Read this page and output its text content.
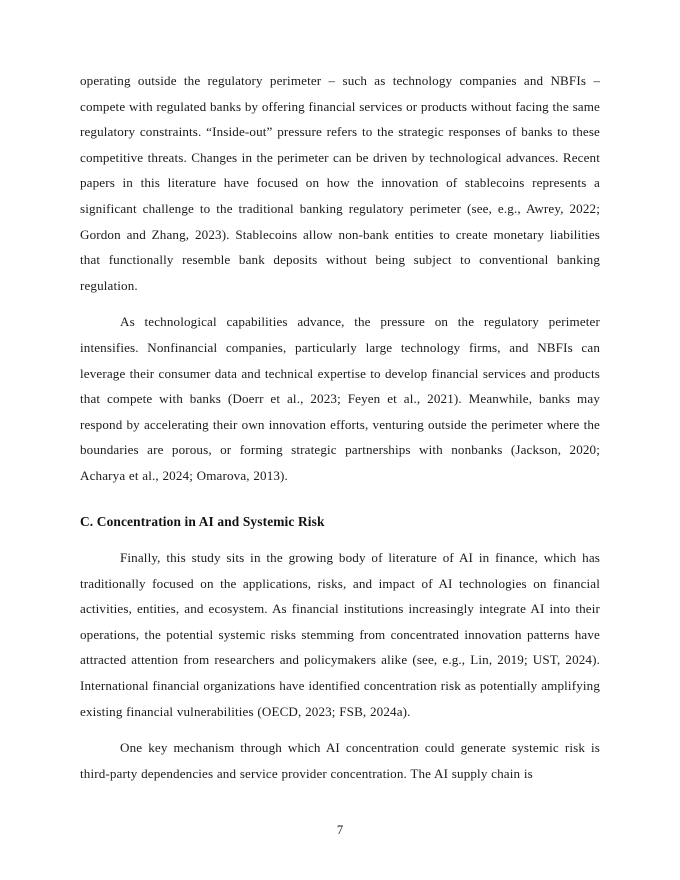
operating outside the regulatory perimeter – such as technology companies and NBFIs – compete with regulated banks by offering financial services or products without facing the same regulatory constraints. “Inside-out” pressure refers to the strategic responses of banks to these competitive threats. Changes in the perimeter can be driven by technological advances. Recent papers in this literature have focused on how the innovation of stablecoins represents a significant challenge to the traditional banking regulatory perimeter (see, e.g., Awrey, 2022; Gordon and Zhang, 2023). Stablecoins allow non-bank entities to create monetary liabilities that functionally resemble bank deposits without being subject to conventional banking regulation.

As technological capabilities advance, the pressure on the regulatory perimeter intensifies. Nonfinancial companies, particularly large technology firms, and NBFIs can leverage their consumer data and technical expertise to develop financial services and products that compete with banks (Doerr et al., 2023; Feyen et al., 2021). Meanwhile, banks may respond by accelerating their own innovation efforts, venturing outside the perimeter where the boundaries are porous, or forming strategic partnerships with nonbanks (Jackson, 2020; Acharya et al., 2024; Omarova, 2013).

C. Concentration in AI and Systemic Risk

Finally, this study sits in the growing body of literature of AI in finance, which has traditionally focused on the applications, risks, and impact of AI technologies on financial activities, entities, and ecosystem. As financial institutions increasingly integrate AI into their operations, the potential systemic risks stemming from concentrated innovation patterns have attracted attention from researchers and policymakers alike (see, e.g., Lin, 2019; UST, 2024). International financial organizations have identified concentration risk as potentially amplifying existing financial vulnerabilities (OECD, 2023; FSB, 2024a).

One key mechanism through which AI concentration could generate systemic risk is third-party dependencies and service provider concentration. The AI supply chain is

7
